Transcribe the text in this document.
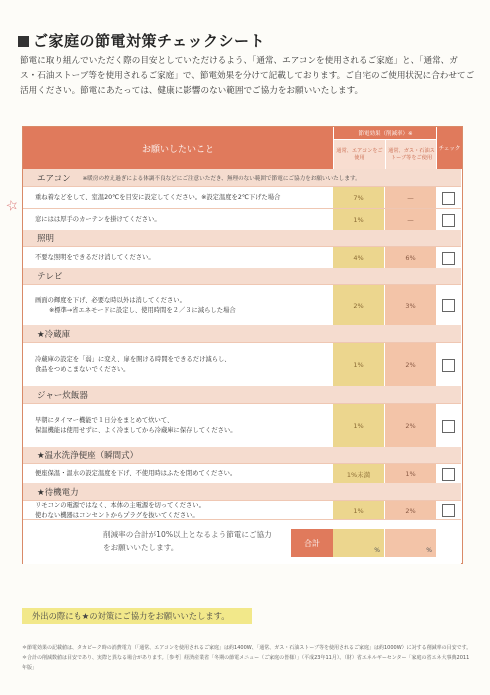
ご家庭の節電対策チェックシート
節電に取り組んでいただく際の目安としていただけるよう、「通常、エアコンを使用されるご家庭」と、「通常、ガス・石油ストーブ等を使用されるご家庭」で、節電効果を分けて記載しております。ご自宅のご使用状況に合わせてご活用ください。節電にあたっては、健康に影響のない範囲でご協力をお願いいたします。
☆
お願いしたいこと
節電効果（削減率）※
通常、エアコンをご使用
通常、ガス・石油ストーブ等をご使用
チェック
エアコン ※暖房の控え過ぎによる体調不良などにご注意いただき、無理のない範囲で節電にご協力をお願いいたします。
重ね着などをして、室温20℃を目安に設定してください。※設定温度を2℃下げた場合	7%	—
窓にはは厚手のカーテンを掛けてください。	1%	—
照明
不要な照明をできるだけ消してください。	4%	6%
テレビ
画面の輝度を下げ、必要な時以外は消してください。
※標準→省エネモードに設定し、使用時間を２／３に減らした場合
2%	3%
★冷蔵庫
冷蔵庫の設定を「弱」に変え、扉を開ける時間をできるだけ減らし、
食品をつめこまないでください。
1%	2%
ジャー炊飯器
早朝にタイマー機能で１日分をまとめて炊いて、
保温機能は使用せずに、よく冷ましてから冷蔵庫に保存してください。
1%	2%
★温水洗浄便座（瞬間式）
便座保温・温水の設定温度を下げ、不使用時はふたを閉めてください。	1%未満	1%
★待機電力
リモコンの電源ではなく、本体の主電源を切ってください。
使わない機器はコンセントからプラグを抜いてください。
1%	2%
削減率の合計が10%以上となるよう節電にご協力をお願いいたします。	合計
%	%
外出の際にも★の対策にご協力をお願いいたします。
＊節電効果の記載値は、タカビーク時の消費電力（「通常、エアコンを使用されるご家庭」は約1400W、「通常、ガス・石油ストーブ等を使用されるご家庭」は約1000W）に対する削減率の目安です。＊合計の削減数値は目安であり、実際と異なる場合があります。［参考］経済産業省「冬期の節電メニュー（ご家庭の皆様）」（平成23年11月）、（財）省エネルギーセンター「家庭の省エネ大事典2011年版」
